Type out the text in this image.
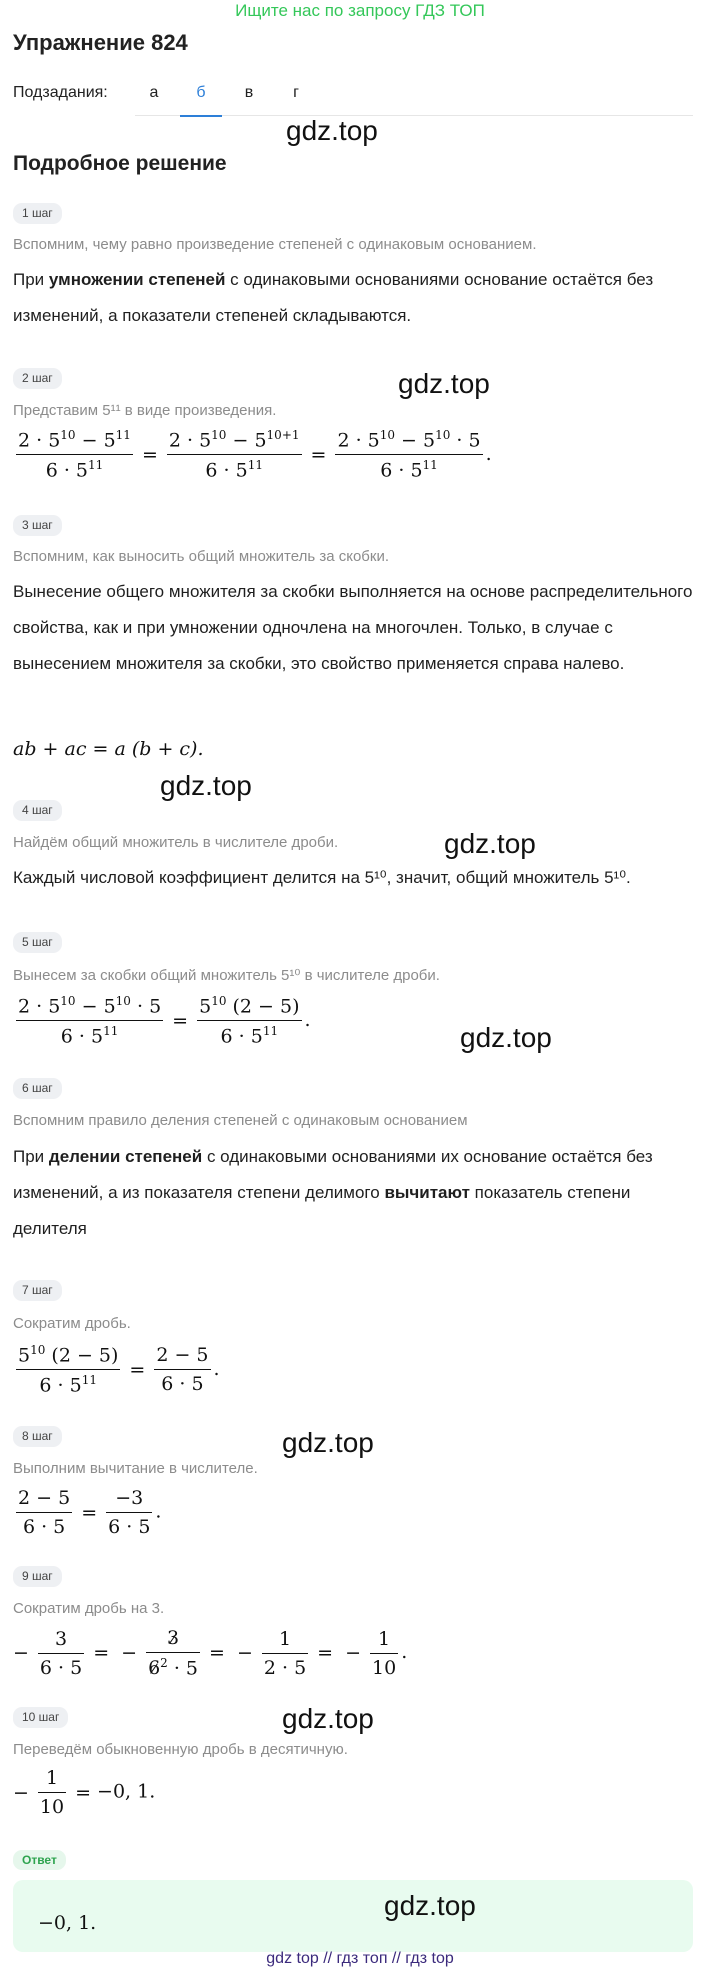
Ищите нас по запросу ГДЗ ТОП
Упражнение 824
Подзадания:	а	б	в	г
gdz.top
Подробное решение
1 шаг
Вспомним, чему равно произведение степеней с одинаковым основанием.
При умножении степеней с одинаковыми основаниями основание остаётся без изменений, а показатели степеней складываются.
2 шаг	gdz.top
Представим 5¹¹ в виде произведения.
$\frac{2 \cdot 5^{10} - 5^{11}}{6 \cdot 5^{11}} = \frac{2 \cdot 5^{10} - 5^{10+1}}{6 \cdot 5^{11}} = \frac{2 \cdot 5^{10} - 5^{10} \cdot 5}{6 \cdot 5^{11}}$ .
3 шаг
Вспомним, как выносить общий множитель за скобки.
Вынесение общего множителя за скобки выполняется на основе распределительного свойства, как и при умножении одночлена на многочлен. Только, в случае с вынесением множителя за скобки, это свойство применяется справа налево.
ab + ac = a (b + c).
gdz.top
4 шаг
gdz.top
Найдём общий множитель в числителе дроби.
Каждый числовой коэффициент делится на 5¹⁰, значит, общий множитель 5¹⁰.
5 шаг
Вынесем за скобки общий множитель 5¹⁰ в числителе дроби.
$\frac{2 \cdot 5^{10} - 5^{10} \cdot 5}{6 \cdot 5^{11}} = \frac{5^{10} (2 - 5)}{6 \cdot 5^{11}}$ .
gdz.top
6 шаг
Вспомним правило деления степеней с одинаковым основанием
При делении степеней с одинаковыми основаниями их основание остаётся без изменений, а из показателя степени делимого вычитают показатель степени делителя
7 шаг
Сократим дробь.
$\frac{5^{10} (2 - 5)}{6 \cdot 5^{11}} = \frac{2 - 5}{6 \cdot 5}$ .
8 шаг	gdz.top
Выполним вычитание в числителе.
$\frac{2 - 5}{6 \cdot 5} = \frac{-3}{6 \cdot 5}$ .
9 шаг
Сократим дробь на 3.
− $\frac{3}{6 \cdot 5}$ = − $\frac{3}{6^2 \cdot 5}$ = − $\frac{1}{2 \cdot 5}$ = − $\frac{1}{10}$ .
10 шаг	gdz.top
Переведём обыкновенную дробь в десятичную.
− $\frac{1}{10} = -0$, 1.
Ответ
gdz.top
−0, 1.
gdz top // гдз топ // гдз top
